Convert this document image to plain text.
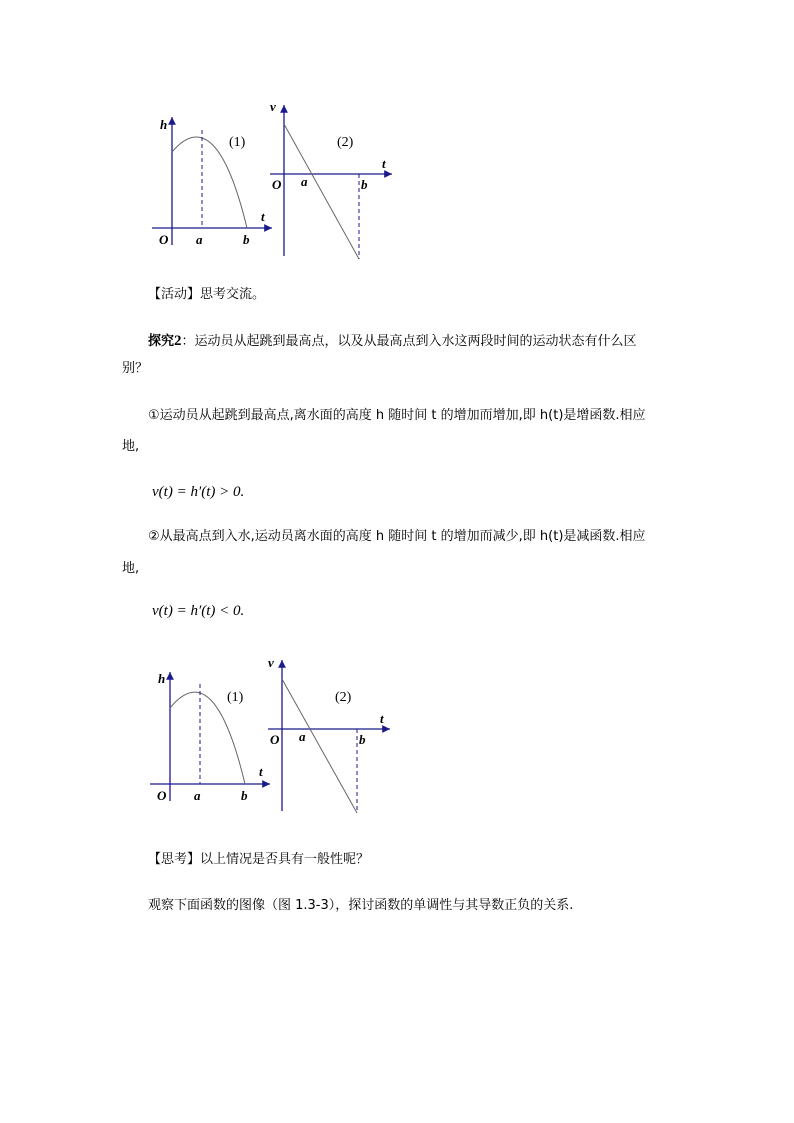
h
(1)
t
O a	b
v
(2)
t
O a	b
【活动】思考交流。
探究2：运动员从起跳到最高点，以及从最高点到入水这两段时间的运动状态有什么区
别？
①运动员从起跳到最高点,离水面的高度 h 随时间 t 的增加而增加,即 h(t)是增函数.相应
地,
v(t) = h′(t) > 0.
②从最高点到入水,运动员离水面的高度 h 随时间 t 的增加而减少,即 h(t)是减函数.相应
地,
v(t) = h′(t) < 0.
h
(1)
t
O a	b
v
(2)
t
O a	b
【思考】以上情况是否具有一般性呢？
观察下面函数的图像（图 1.3-3），探讨函数的单调性与其导数正负的关系.
